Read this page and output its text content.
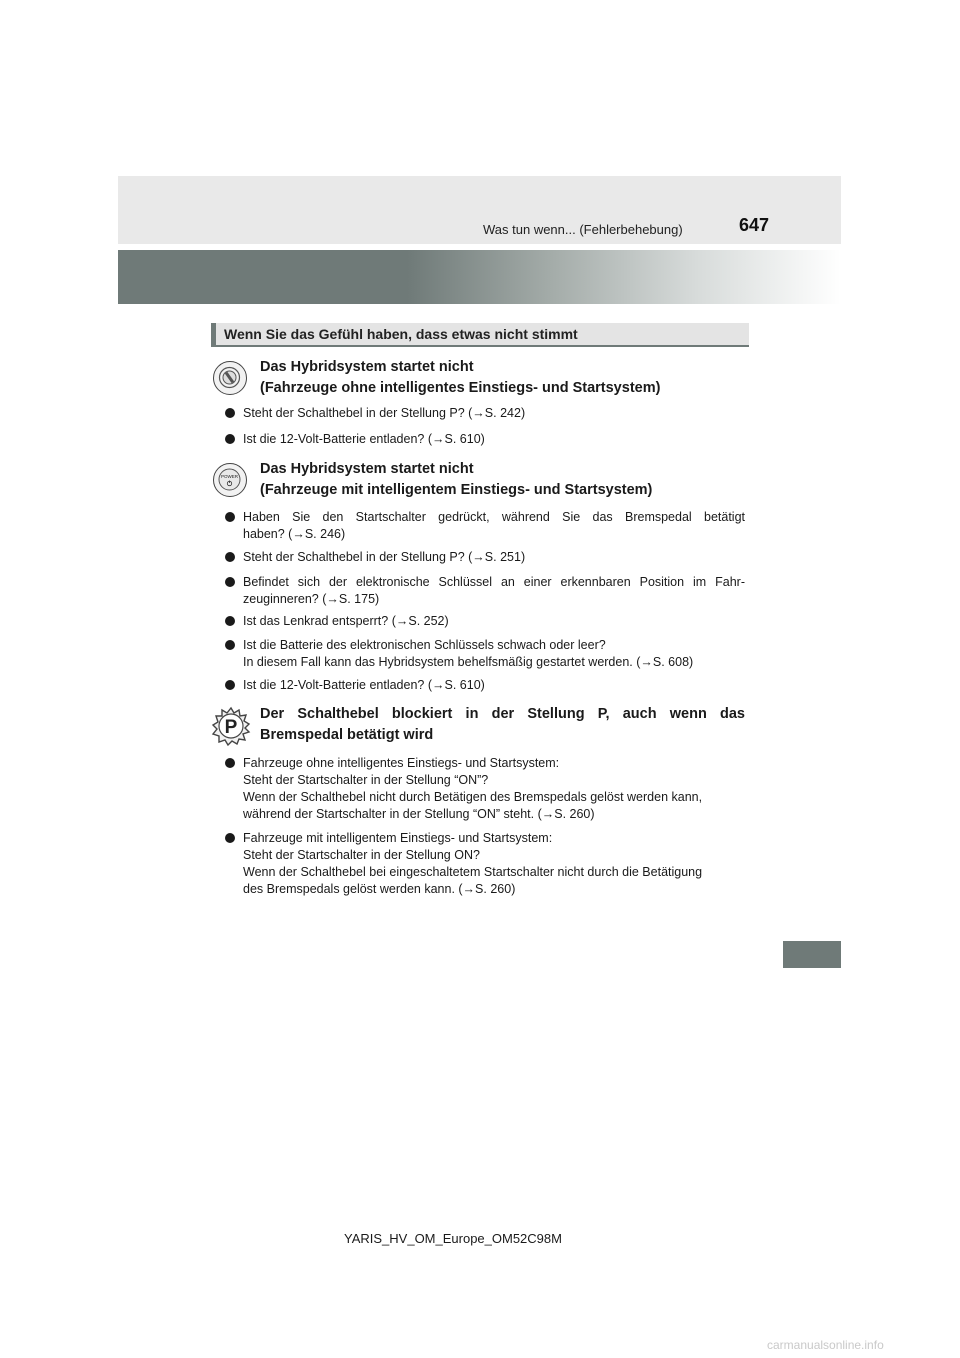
Was tun wenn... (Fehlerbehebung)	647
Wenn Sie das Gefühl haben, dass etwas nicht stimmt
Das Hybridsystem startet nicht
(Fahrzeuge ohne intelligentes Einstiegs- und Startsystem)
Steht der Schalthebel in der Stellung P? (→S. 242)
Ist die 12-Volt-Batterie entladen? (→S. 610)
POWER Das Hybridsystem startet nicht
(Fahrzeuge mit intelligentem Einstiegs- und Startsystem)
Haben Sie den Startschalter gedrückt, während Sie das Bremspedal betätigt
haben? (→S. 246)
Steht der Schalthebel in der Stellung P? (→S. 251)
Befindet sich der elektronische Schlüssel an einer erkennbaren Position im Fahr-
zeuginneren? (→S. 175)
Ist das Lenkrad entsperrt? (→S. 252)
Ist die Batterie des elektronischen Schlüssels schwach oder leer?
In diesem Fall kann das Hybridsystem behelfsmäßig gestartet werden. (→S. 608)
Ist die 12-Volt-Batterie entladen? (→S. 610)
P
Der Schalthebel blockiert in der Stellung P, auch wenn das
Bremspedal betätigt wird
Fahrzeuge ohne intelligentes Einstiegs- und Startsystem:
Steht der Startschalter in der Stellung “ON”?
Wenn der Schalthebel nicht durch Betätigen des Bremspedals gelöst werden kann,
während der Startschalter in der Stellung “ON” steht. (→S. 260)
Fahrzeuge mit intelligentem Einstiegs- und Startsystem:
Steht der Startschalter in der Stellung ON?
Wenn der Schalthebel bei eingeschaltetem Startschalter nicht durch die Betätigung
des Bremspedals gelöst werden kann. (→S. 260)
YARIS_HV_OM_Europe_OM52C98M
carmanualsonline.info
